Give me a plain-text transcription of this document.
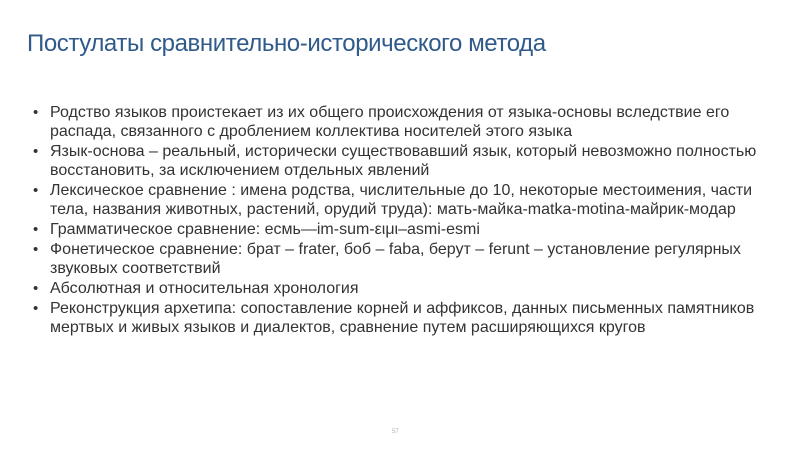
Постулаты сравнительно-исторического метода
• Родство языков проистекает из их общего происхождения от языка-основы вследствие его распада, связанного с дроблением коллектива носителей этого языка
• Язык-основа – реальный, исторически существовавший язык, который невозможно полностью восстановить, за исключением отдельных явлений
• Лексическое сравнение : имена родства, числительные до 10, некоторые местоимения, части тела, названия животных, растений, орудий труда): мать-майка-matka-motina-майрик-модар
• Грамматическое сравнение: есмь—im-sum-ειμι–asmi-esmi
• Фонетическое сравнение: брат – frater, боб – faba, берут – ferunt – установление регулярных звуковых соответствий
• Абсолютная и относительная хронология
• Реконструкция архетипа: сопоставление корней и аффиксов, данных письменных памятников мертвых и живых языков и диалектов, сравнение путем расширяющихся кругов
57
